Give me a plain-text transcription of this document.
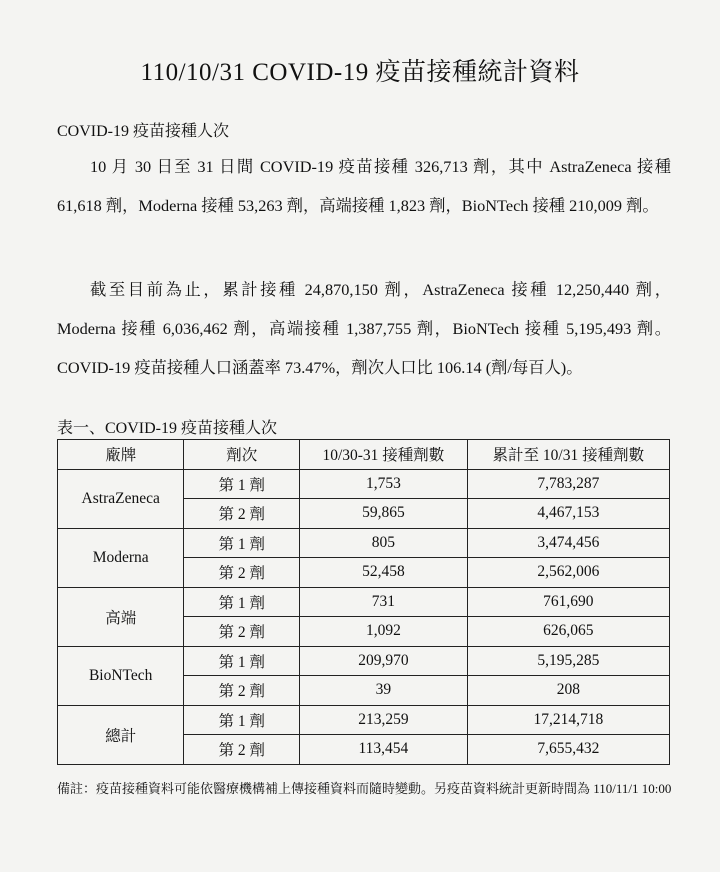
110/10/31 COVID-19 疫苗接種統計資料
COVID-19 疫苗接種人次
10 月 30 日至 31 日間 COVID-19 疫苗接種 326,713 劑，其中 AstraZeneca 接種 61,618 劑，Moderna 接種 53,263 劑，高端接種 1,823 劑，BioNTech 接種 210,009 劑。
截至目前為止，累計接種 24,870,150 劑，AstraZeneca 接種 12,250,440 劑，Moderna 接種 6,036,462 劑，高端接種 1,387,755 劑，BioNTech 接種 5,195,493 劑。COVID-19 疫苗接種人口涵蓋率 73.47%，劑次人口比 106.14 (劑/每百人)。
表一、COVID-19 疫苗接種人次
廠牌	劑次	10/30-31 接種劑數	累計至 10/31 接種劑數
AstraZeneca	第 1 劑	1,753	7,783,287
	第 2 劑	59,865	4,467,153
Moderna	第 1 劑	805	3,474,456
	第 2 劑	52,458	2,562,006
高端	第 1 劑	731	761,690
	第 2 劑	1,092	626,065
BioNTech	第 1 劑	209,970	5,195,285
	第 2 劑	39	208
總計	第 1 劑	213,259	17,214,718
	第 2 劑	113,454	7,655,432
備註：疫苗接種資料可能依醫療機構補上傳接種資料而隨時變動。另疫苗資料統計更新時間為 110/11/1 10:00
